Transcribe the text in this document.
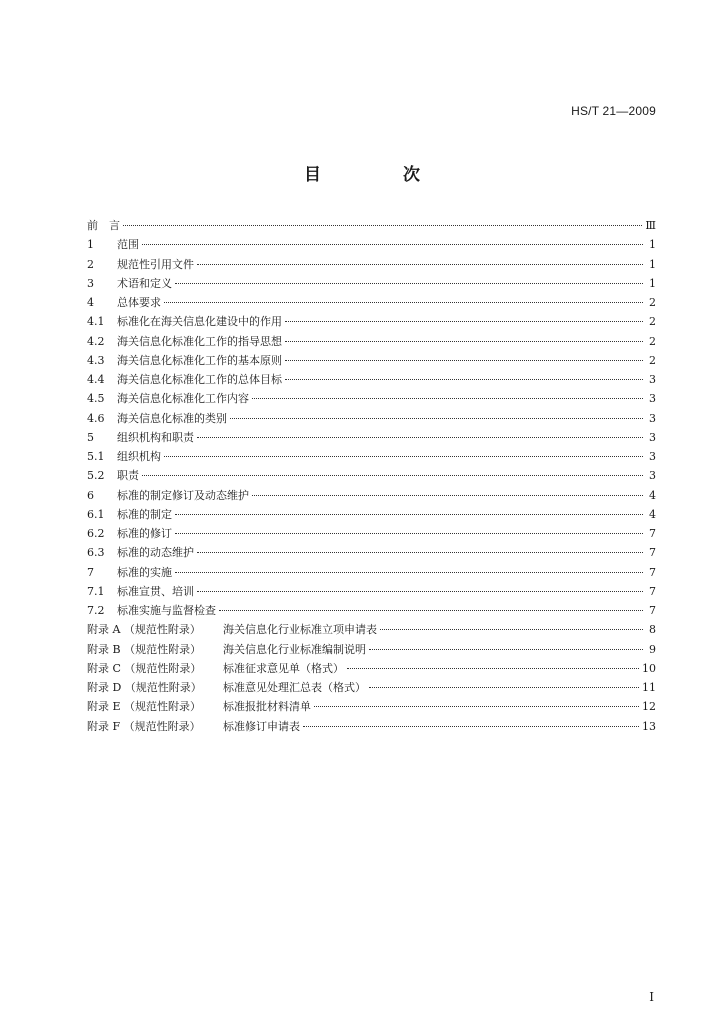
HS/T 21—2009
目 次
前　言	Ⅲ
1	范围	1
2	规范性引用文件	1
3	术语和定义	1
4	总体要求	2
4.1	标准化在海关信息化建设中的作用	2
4.2	海关信息化标准化工作的指导思想	2
4.3	海关信息化标准化工作的基本原则	2
4.4	海关信息化标准化工作的总体目标	3
4.5	海关信息化标准化工作内容	3
4.6	海关信息化标准的类别	3
5	组织机构和职责	3
5.1	组织机构	3
5.2	职责	3
6	标准的制定修订及动态维护	4
6.1	标准的制定	4
6.2	标准的修订	7
6.3	标准的动态维护	7
7	标准的实施	7
7.1	标准宣贯、培训	7
7.2	标准实施与监督检查	7
附录 A （规范性附录）	海关信息化行业标准立项申请表	8
附录 B （规范性附录）	海关信息化行业标准编制说明	9
附录 C （规范性附录）	标准征求意见单（格式）	10
附录 D （规范性附录）	标准意见处理汇总表（格式）	11
附录 E （规范性附录）	标准报批材料清单	12
附录 F （规范性附录）	标准修订申请表	13
I
